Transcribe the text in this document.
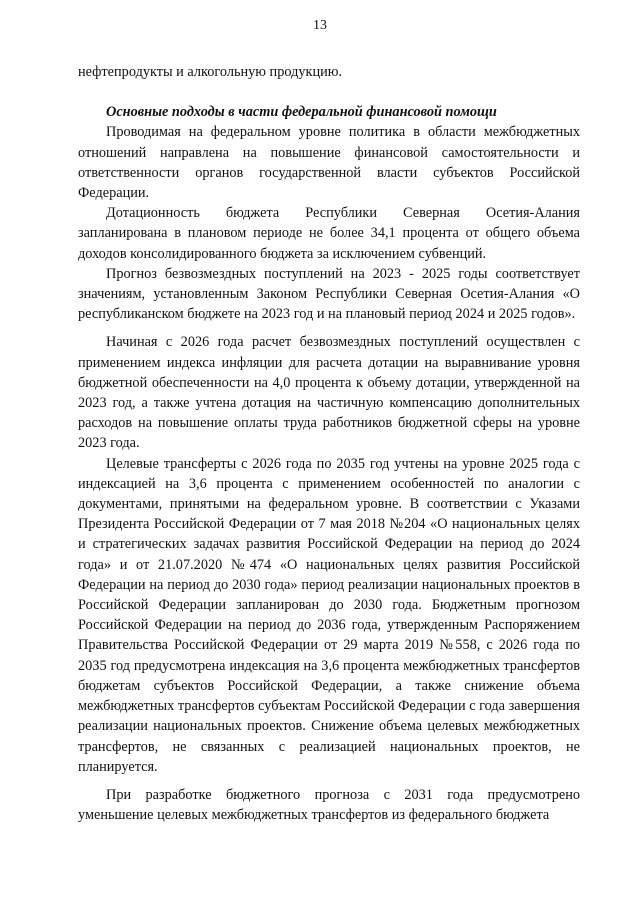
13

нефтепродукты и алкогольную продукцию.

Основные подходы в части федеральной финансовой помощи

Проводимая на федеральном уровне политика в области межбюджетных отношений направлена на повышение финансовой самостоятельности и ответственности органов государственной власти субъектов Российской Федерации.

Дотационность бюджета Республики Северная Осетия-Алания запланирована в плановом периоде не более 34,1 процента от общего объема доходов консолидированного бюджета за исключением субвенций.

Прогноз безвозмездных поступлений на 2023 - 2025 годы соответствует значениям, установленным Законом Республики Северная Осетия-Алания «О республиканском бюджете на 2023 год и на плановый период 2024 и 2025 годов».

Начиная с 2026 года расчет безвозмездных поступлений осуществлен с применением индекса инфляции для расчета дотации на выравнивание уровня бюджетной обеспеченности на 4,0 процента к объему дотации, утвержденной на 2023 год, а также учтена дотация на частичную компенсацию дополнительных расходов на повышение оплаты труда работников бюджетной сферы на уровне 2023 года.

Целевые трансферты с 2026 года по 2035 год учтены на уровне 2025 года с индексацией на 3,6 процента с применением особенностей по аналогии с документами, принятыми на федеральном уровне. В соответствии с Указами Президента Российской Федерации от 7 мая 2018 №204 «О национальных целях и стратегических задачах развития Российской Федерации на период до 2024 года» и от 21.07.2020 №474 «О национальных целях развития Российской Федерации на период до 2030 года» период реализации национальных проектов в Российской Федерации запланирован до 2030 года. Бюджетным прогнозом Российской Федерации на период до 2036 года, утвержденным Распоряжением Правительства Российской Федерации от 29 марта 2019 №558, с 2026 года по 2035 год предусмотрена индексация на 3,6 процента межбюджетных трансфертов бюджетам субъектов Российской Федерации, а также снижение объема межбюджетных трансфертов субъектам Российской Федерации с года завершения реализации национальных проектов. Снижение объема целевых межбюджетных трансфертов, не связанных с реализацией национальных проектов, не планируется.

При разработке бюджетного прогноза с 2031 года предусмотрено уменьшение целевых межбюджетных трансфертов из федерального бюджета
